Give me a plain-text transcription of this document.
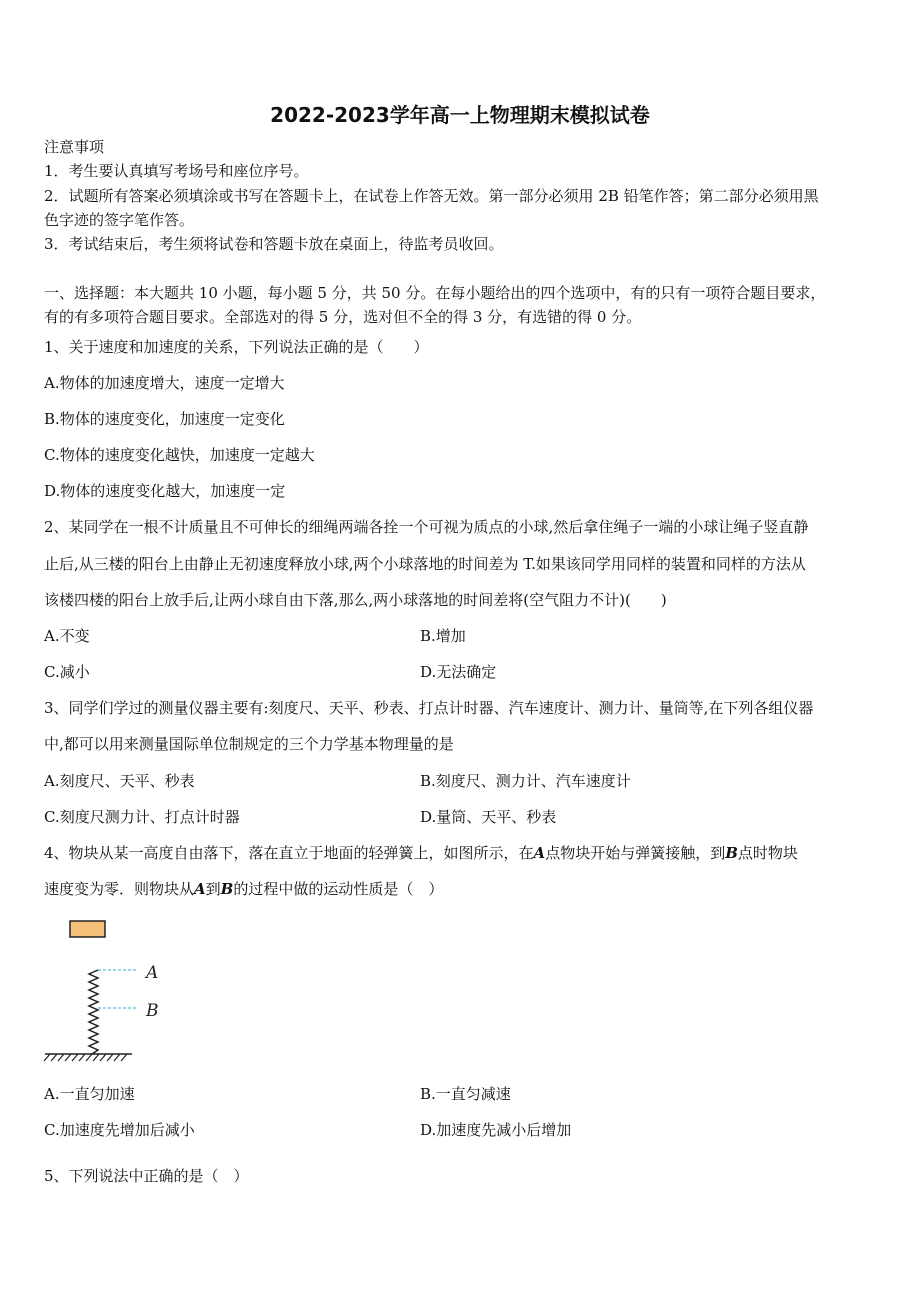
2022-2023学年高一上物理期末模拟试卷
注意事项
1．考生要认真填写考场号和座位序号。
2．试题所有答案必须填涂或书写在答题卡上，在试卷上作答无效。第一部分必须用 2B 铅笔作答；第二部分必须用黑
色字迹的签字笔作答。
3．考试结束后，考生须将试卷和答题卡放在桌面上，待监考员收回。
一、选择题：本大题共 10 小题，每小题 5 分，共 50 分。在每小题给出的四个选项中，有的只有一项符合题目要求，
有的有多项符合题目要求。全部选对的得 5 分，选对但不全的得 3 分，有选错的得 0 分。
1、关于速度和加速度的关系，下列说法正确的是（　　）
A.物体的加速度增大，速度一定增大
B.物体的速度变化，加速度一定变化
C.物体的速度变化越快，加速度一定越大
D.物体的速度变化越大，加速度一定
2、某同学在一根不计质量且不可伸长的细绳两端各拴一个可视为质点的小球,然后拿住绳子一端的小球让绳子竖直静
止后,从三楼的阳台上由静止无初速度释放小球,两个小球落地的时间差为 T.如果该同学用同样的装置和同样的方法从
该楼四楼的阳台上放手后,让两小球自由下落,那么,两小球落地的时间差将(空气阻力不计)(　　)
A.不变	B.增加
C.减小	D.无法确定
3、同学们学过的测量仪器主要有:刻度尺、天平、秒表、打点计时器、汽车速度计、测力计、量筒等,在下列各组仪器
中,都可以用来测量国际单位制规定的三个力学基本物理量的是
A.刻度尺、天平、秒表	B.刻度尺、测力计、汽车速度计
C.刻度尺测力计、打点计时器	D.量筒、天平、秒表
4、物块从某一高度自由落下，落在直立于地面的轻弹簧上，如图所示，在A点物块开始与弹簧接触，到B点时物块
速度变为零．则物块从A到B的过程中做的运动性质是（　）
A
B
A.一直匀加速	B.一直匀减速
C.加速度先增加后减小	D.加速度先减小后增加
5、下列说法中正确的是（　）
